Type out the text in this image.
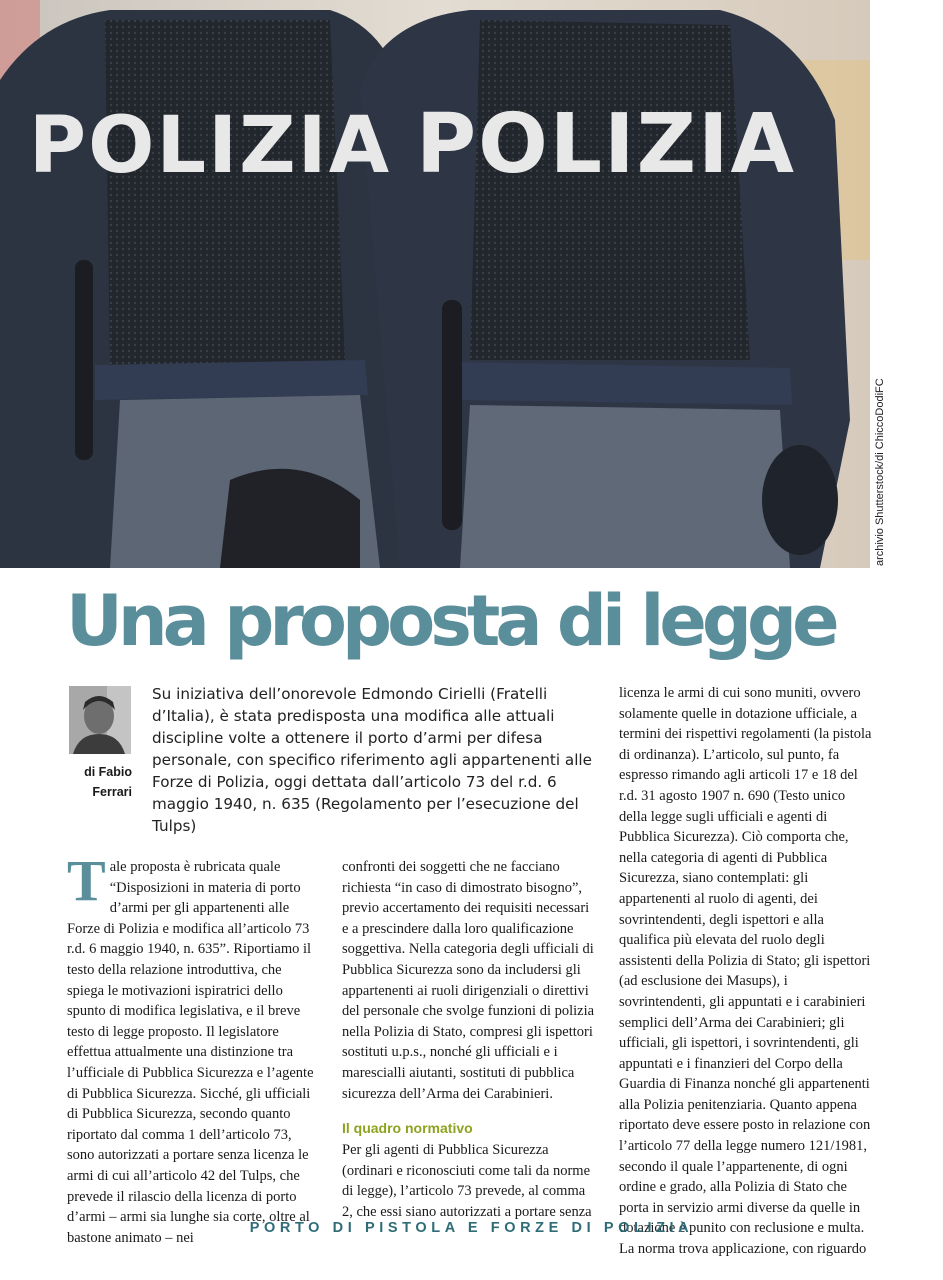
POLIZIA POLIZIA
archivio Shutterstock/di ChiccoDodiFC
Una proposta di legge
di Fabio Ferrari

Su iniziativa dell’onorevole Edmondo Cirielli (Fratelli d’Italia), è stata predisposta una modifica alle attuali discipline volte a ottenere il porto d’armi per difesa personale, con specifico riferimento agli appartenenti alle Forze di Polizia, oggi dettata dall’articolo 73 del r.d. 6 maggio 1940, n. 635 (Regolamento per l’esecuzione del Tulps)

T ale proposta è rubricata quale “Disposizioni in materia di porto d’armi per gli appartenenti alle Forze di Polizia e modifica all’articolo 73 r.d. 6 maggio 1940, n. 635”. Riportiamo il testo della relazione introduttiva, che spiega le motivazioni ispiratrici dello spunto di modifica legislativa, e il breve testo di legge proposto. Il legislatore effettua attualmente una distinzione tra l’ufficiale di Pubblica Sicurezza e l’agente di Pubblica Sicurezza. Sicché, gli ufficiali di Pubblica Sicurezza, secondo quanto riportato dal comma 1 dell’articolo 73, sono autorizzati a portare senza licenza le armi di cui all’articolo 42 del Tulps, che prevede il rilascio della licenza di porto d’armi – armi sia lunghe sia corte, oltre al bastone animato – nei

confronti dei soggetti che ne facciano richiesta “in caso di dimostrato bisogno”, previo accertamento dei requisiti necessari e a prescindere dalla loro qualificazione soggettiva. Nella categoria degli ufficiali di Pubblica Sicurezza sono da includersi gli appartenenti ai ruoli dirigenziali o direttivi del personale che svolge funzioni di polizia nella Polizia di Stato, compresi gli ispettori sostituti u.p.s., nonché gli ufficiali e i marescialli aiutanti, sostituti di pubblica sicurezza dell’Arma dei Carabinieri.

Il quadro normativo

Per gli agenti di Pubblica Sicurezza (ordinari e riconosciuti come tali da norme di legge), l’articolo 73 prevede, al comma 2, che essi siano autorizzati a portare senza

licenza le armi di cui sono muniti, ovvero solamente quelle in dotazione ufficiale, a termini dei rispettivi regolamenti (la pistola di ordinanza). L’articolo, sul punto, fa espresso rimando agli articoli 17 e 18 del r.d. 31 agosto 1907 n. 690 (Testo unico della legge sugli ufficiali e agenti di Pubblica Sicurezza). Ciò comporta che, nella categoria di agenti di Pubblica Sicurezza, siano contemplati: gli appartenenti al ruolo di agenti, dei sovrintendenti, degli ispettori e alla qualifica più elevata del ruolo degli assistenti della Polizia di Stato; gli ispettori (ad esclusione dei Masups), i sovrintendenti, gli appuntati e i carabinieri semplici dell’Arma dei Carabinieri; gli ufficiali, gli ispettori, i sovrintendenti, gli appuntati e i finanzieri del Corpo della Guardia di Finanza nonché gli appartenenti alla Polizia penitenziaria. Quanto appena riportato deve essere posto in relazione con l’articolo 77 della legge numero 121/1981, secondo il quale l’appartenente, di ogni ordine e grado, alla Polizia di Stato che porta in servizio armi diverse da quelle in dotazione è punito con reclusione e multa. La norma trova applicazione, con riguardo

PORTO DI PISTOLA E FORZE DI POLIZIA
